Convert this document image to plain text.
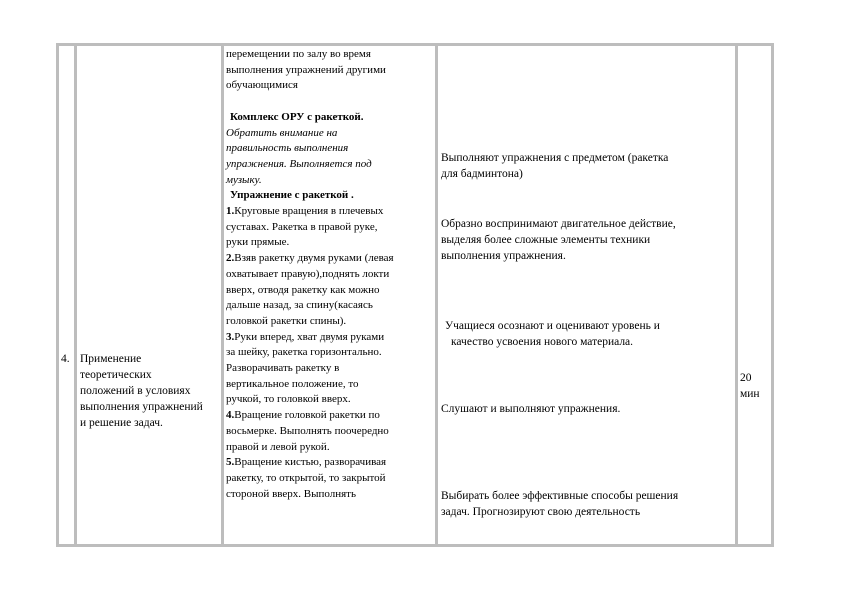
4. Применение
теоретических
положений в условиях
выполнения упражнений
и решение задач.
перемещении по залу во время
выполнения упражнений другими
обучающимися

Комплекс ОРУ с ракеткой.
Обратить внимание на
правильность выполнения
упражнения. Выполняется под
музыку.
Упражнение с ракеткой .
1.Круговые вращения в плечевых
суставах. Ракетка в правой руке,
руки прямые.
2.Взяв ракетку двумя руками (левая
охватывает правую),поднять локти
вверх, отводя ракетку как можно
дальше назад, за спину(касаясь
головкой ракетки спины).
3.Руки вперед, хват двумя руками
за шейку, ракетка горизонтально.
Разворачивать ракетку в
вертикальное положение, то
ручкой, то головкой вверх.
4.Вращение головкой ракетки по
восьмерке. Выполнять поочередно
правой и левой рукой.
5.Вращение кистью, разворачивая
ракетку, то открытой, то закрытой
стороной вверх. Выполнять
Выполняют упражнения с предметом (ракетка
для бадминтона)
Образно воспринимают двигательное действие,
выделяя более сложные элементы техники
выполнения упражнения.
Учащиеся осознают и оценивают уровень и
качество усвоения нового материала.
Слушают и выполняют упражнения.
Выбирать более эффективные способы решения
задач. Прогнозируют свою деятельность
20 мин
